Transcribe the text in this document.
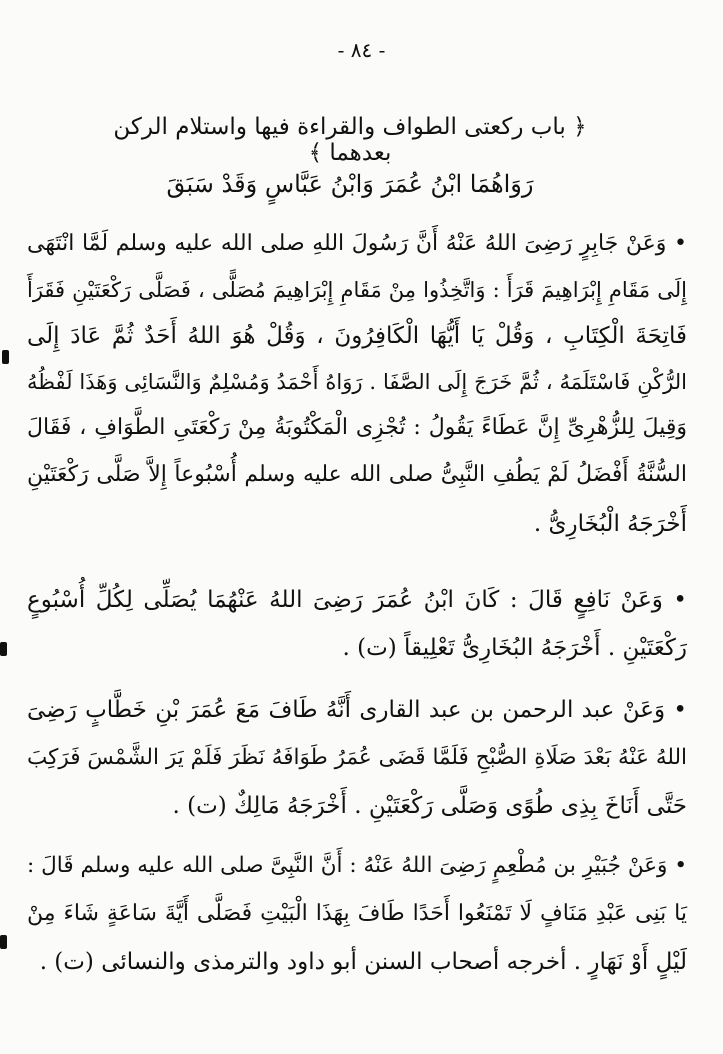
- ٨٤ -
﴿ باب ركعتى الطواف والقراءة فيها واستلام الركن بعدهما ﴾
رَوَاهُمَا ابْنُ عُمَرَ وَابْنُ عَبَّاسٍ وَقَدْ سَبَقَ
• وَعَنْ جَابِرٍ رَضِىَ اللهُ عَنْهُ أَنَّ رَسُولَ اللهِ صلى الله عليه وسلم لَمَّا انْتَهَى
إِلَى مَقَامِ إِبْرَاهِيمَ قَرَأَ : وَاتَّخِذُوا مِنْ مَقَامِ إِبْرَاهِيمَ مُصَلًّى ، فَصَلَّى رَكْعَتَيْنِ فَقَرَأَ
فَاتِحَةَ الْكِتَابِ ، وَقُلْ يَا أَيُّهَا الْكَافِرُونَ ، وَقُلْ هُوَ اللهُ أَحَدٌ ثُمَّ عَادَ إِلَى
الرُّكْنِ فَاسْتَلَمَهُ ، ثُمَّ خَرَجَ إِلَى الصَّفَا . رَوَاهُ أَحْمَدُ وَمُسْلِمٌ وَالنَّسَائِى وَهَذَا لَفْظُهُ
وَقِيلَ لِلزُّهْرِىِّ إِنَّ عَطَاءً يَقُولُ : تُجْزِى الْمَكْتُوبَةُ مِنْ رَكْعَتَىِ الطَّوَافِ ، فَقَالَ
السُّنَّةُ أَفْضَلُ لَمْ يَطُفِ النَّبِىُّ صلى الله عليه وسلم أُسْبُوعاً إِلاَّ صَلَّى رَكْعَتَيْنِ
أَخْرَجَهُ الْبُخَارِىُّ .
• وَعَنْ نَافِعٍ قَالَ : كَانَ ابْنُ عُمَرَ رَضِىَ اللهُ عَنْهُمَا يُصَلِّى لِكُلِّ أُسْبُوعٍ
رَكْعَتَيْنِ . أَخْرَجَهُ البُخَارِىُّ تَعْلِيقاً (ت) .
• وَعَنْ عبد الرحمن بن عبد القارى أَنَّهُ طَافَ مَعَ عُمَرَ بْنِ خَطَّابٍ رَضِىَ
اللهُ عَنْهُ بَعْدَ صَلَاةِ الصُّبْحِ فَلَمَّا قَضَى عُمَرُ طَوَافَهُ نَظَرَ فَلَمْ يَرَ الشَّمْسَ فَرَكِبَ
حَتَّى أَنَاخَ بِذِى طُوًى وَصَلَّى رَكْعَتَيْنِ . أَخْرَجَهُ مَالِكٌ (ت) .
• وَعَنْ جُبَيْرِ بن مُطْعِمٍ رَضِىَ اللهُ عَنْهُ : أَنَّ النَّبِىَّ صلى الله عليه وسلم قَالَ :
يَا بَنِى عَبْدِ مَنَافٍ لَا تَمْنَعُوا أَحَدًا طَافَ بِهَذَا الْبَيْتِ فَصَلَّى أَيَّةَ سَاعَةٍ شَاءَ مِنْ
لَيْلٍ أَوْ نَهَارٍ . أخرجه أصحاب السنن أبو داود والترمذى والنسائى (ت) .
